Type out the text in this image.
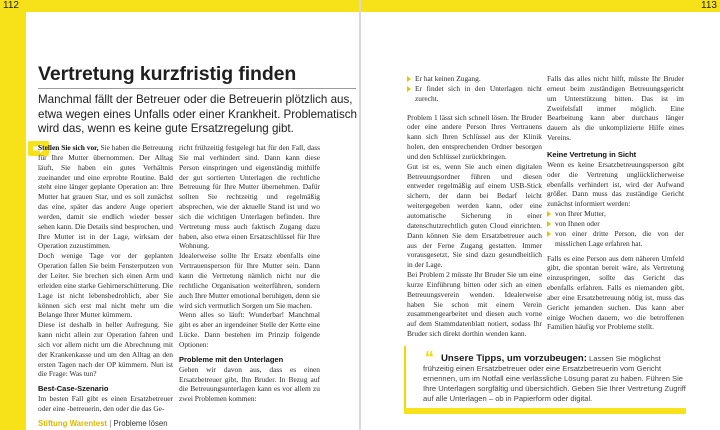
112	113
Vertretung kurzfristig finden

Manchmal fällt der Betreuer oder die Betreuerin plötzlich aus, etwa wegen eines Unfalls oder einer Krankheit. Problematisch wird das, wenn es keine gute Ersatzregelung gibt.

Stellen Sie sich vor, Sie haben die Betreuung für Ihre Mutter übernommen. Der Alltag läuft, Sie haben ein gutes Verhältnis zueinander und eine erprobte Routine. Bald steht eine länger geplante Operation an: Ihre Mutter hat grauen Star, und es soll zunächst das eine, später das andere Auge operiert werden, damit sie endlich wieder besser sehen kann. Die Details sind besprochen, und Ihre Mutter ist in der Lage, wirksam der Operation zuzustimmen.

Doch wenige Tage vor der geplanten Operation fallen Sie beim Fensterputzen von der Leiter. Sie brechen sich einen Arm und erleiden eine starke Gehirnerschütterung. Die Lage ist nicht lebensbedrohlich, aber Sie können sich erst mal nicht mehr um die Belange Ihrer Mutter kümmern.

Diese ist deshalb in heller Aufregung. Sie kann nicht allein zur Operation fahren und sich vor allem nicht um die Abrechnung mit der Krankenkasse und um den Alltag an den ersten Tagen nach der OP kümmern. Nun ist die Frage: Was tun?

Best-Case-Szenario

Im besten Fall gibt es einen Ersatzbetreuer oder eine -betreuerin, den oder die das Ge-

richt frühzeitig festgelegt hat für den Fall, dass Sie mal verhindert sind. Dann kann diese Person einspringen und eigenständig mithilfe der gut sortierten Unterlagen die rechtliche Betreuung für Ihre Mutter übernehmen. Dafür sollten Sie rechtzeitig und regelmäßig absprechen, wie der aktuelle Stand ist und wo sich die wichtigen Unterlagen befinden. Ihre Vertretung muss auch faktisch Zugang dazu haben, also etwa einen Ersatzschlüssel für Ihre Wohnung.

Idealerweise sollte Ihr Ersatz ebenfalls eine Vertrauensperson für Ihre Mutter sein. Dann kann die Vertretung nämlich nicht nur die rechtliche Organisation weiterführen, sondern auch Ihre Mutter emotional beruhigen, denn sie wird sich vermutlich Sorgen um Sie machen.

Wenn alles so läuft: Wunderbar! Manchmal gibt es aber an irgendeiner Stelle der Kette eine Lücke. Dann bestehen im Prinzip folgende Optionen:

Probleme mit den Unterlagen

Gehen wir davon aus, dass es einen Ersatzbetreuer gibt, Ihn Bruder. In Bezug auf die Betreuungsunterlagen kann es vor allem zu zwei Problemen kommen:

Er hat keinen Zugang.
Er findet sich in den Unterlagen nicht zurecht.

Problem 1 lässt sich schnell lösen. Ihr Bruder oder eine andere Person Ihres Vertrauens kann sich Ihren Schlüssel aus der Klinik holen, den entsprechenden Ordner besorgen und den Schlüssel zurückbringen.

Gut ist es, wenn Sie auch einen digitalen Betreuungsordner führen und diesen entweder regelmäßig auf einem USB-Stick sichern, der dann bei Bedarf leicht weitergegeben werden kann, oder eine automatische Sicherung in einer datenschutzrechtlich guten Cloud einrichten. Dann können Sie dem Ersatzbetreuer auch aus der Ferne Zugang gestatten. Immer vorausgesetzt, Sie sind dazu gesundheitlich in der Lage.

Bei Problem 2 müsste Ihr Bruder Sie um eine kurze Einführung bitten oder sich an einen Betreuungsverein wenden. Idealerweise haben Sie schon mit einem Verein zusammengearbeitet und diesen auch vorne auf dem Stammdatenblatt notiert, sodass Ihr Bruder sich direkt dorthin wenden kann.

Falls das alles nicht hilft, müsste Ihr Bruder erneut beim zuständigen Betreuungsgericht um Unterstützung bitten. Das ist im Zweifelsfall immer möglich. Eine Bearbeitung kann aber durchaus länger dauern als die unkomplizierte Hilfe eines Vereins.

Keine Vertretung in Sicht

Wenn es keine Ersatzbetreuungsperson gibt oder die Vertretung unglücklicherweise ebenfalls verhindert ist, wird der Aufwand größer. Dann muss das zuständige Gericht zunächst informiert werden:

von Ihrer Mutter,
von Ihnen oder
von einer dritte Person, die von der misslichen Lage erfahren hat.

Falls es eine Person aus dem näheren Umfeld gibt, die spontan bereit wäre, als Vertretung einzuspringen, sollte das Gericht das ebenfalls erfahren. Falls es niemanden gibt, aber eine Ersatzbetreuung nötig ist, muss das Gericht jemanden suchen. Das kann aber einige Wochen dauern, wo die betroffenen Familien häufig vor Probleme stellt.

“ Unsere Tipps, um vorzubeugen: Lassen Sie möglichst frühzeitig einen Ersatzbetreuer oder eine Ersatzbetreuerin vom Gericht ernennen, um im Notfall eine verlässliche Lösung parat zu haben. Führen Sie Ihre Unterlagen sorgfältig und übersichtlich. Geben Sie Ihrer Vertretung Zugriff auf alle Unterlagen – ob in Papierform oder digital.
Stiftung Warentest | Probleme lösen
